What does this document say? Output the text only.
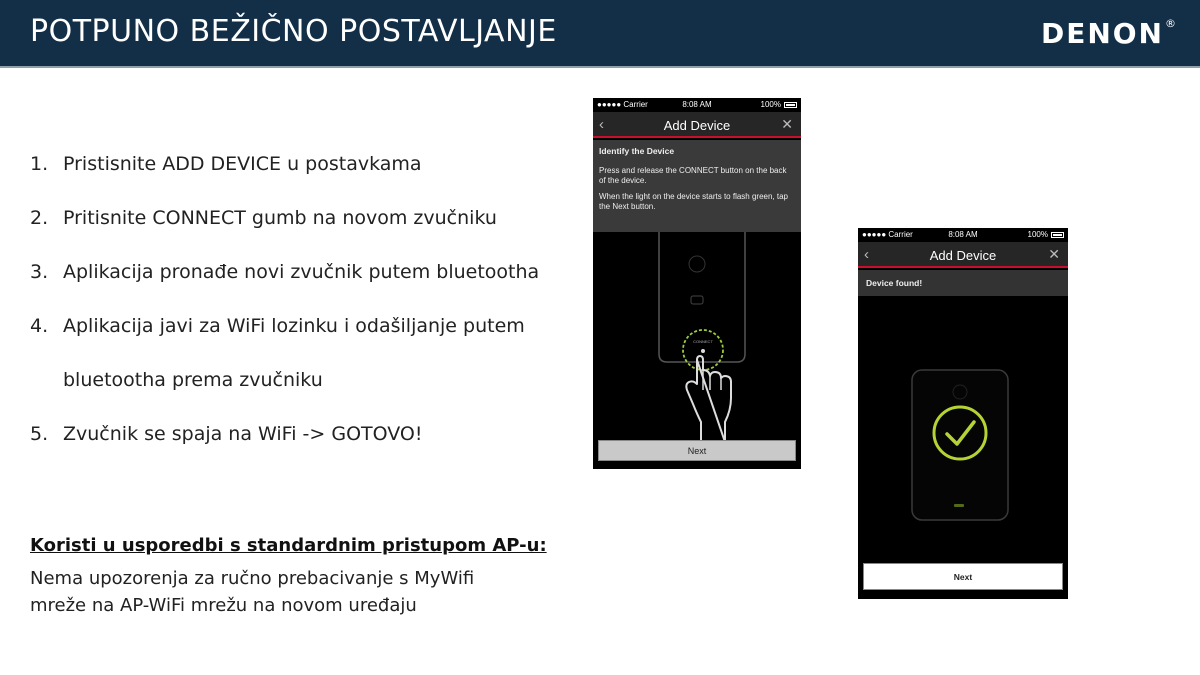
POTPUNO BEŽIČNO POSTAVLJANJE	DENON®
1. Pristisnite ADD DEVICE u postavkama
2. Pritisnite CONNECT gumb na novom zvučniku
3. Aplikacija pronađe novi zvučnik putem bluetootha
4. Aplikacija javi za WiFi lozinku i odašiljanje putem
bluetootha prema zvučniku
5. Zvučnik se spaja na WiFi -> GOTOVO!
Koristi u usporedbi s standardnim pristupom AP-u:
Nema upozorenja za ručno prebacivanje s MyWifi mreže na AP-WiFi mrežu na novom uređaju
●●●●● Carrier	8:08 AM	100%
‹	Add Device	✕
Identify the Device
Press and release the CONNECT button on the back of the device.
When the light on the device starts to flash green, tap the Next button.
CONNECT
Next
●●●●● Carrier	8:08 AM	100%
‹	Add Device	✕
Device found!
Next
